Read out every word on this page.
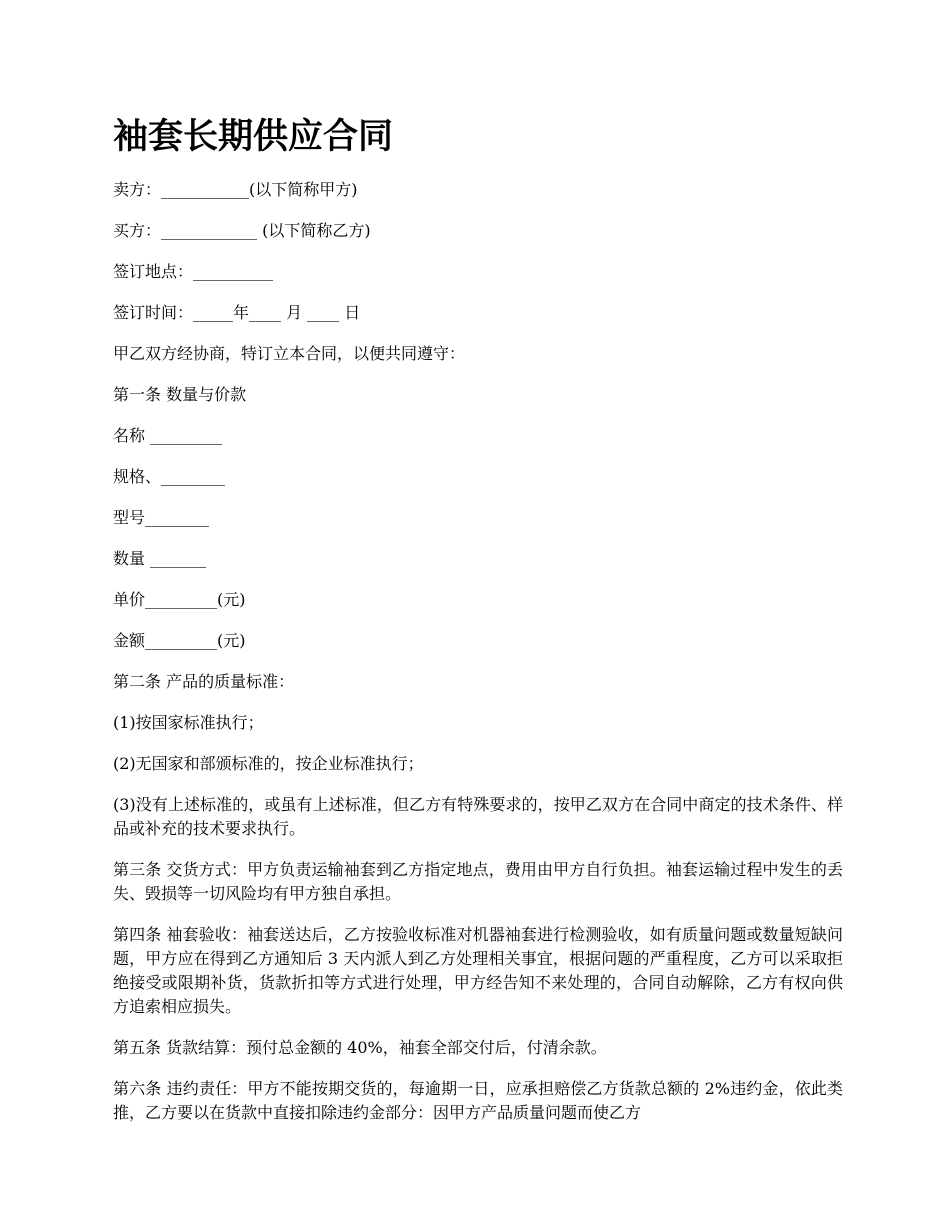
袖套长期供应合同

卖方：___________(以下简称甲方)

买方：____________ (以下简称乙方)

签订地点：__________

签订时间：_____年____ 月 ____ 日

甲乙双方经协商，特订立本合同，以便共同遵守：

第一条 数量与价款

名称 _________

规格、________

型号________

数量 _______

单价_________(元)

金额_________(元)

第二条 产品的质量标准：

(1)按国家标准执行；

(2)无国家和部颁标准的，按企业标准执行；

(3)没有上述标准的，或虽有上述标准，但乙方有特殊要求的，按甲乙双方在合同中商定的技术条件、样品或补充的技术要求执行。

第三条 交货方式：甲方负责运输袖套到乙方指定地点，费用由甲方自行负担。袖套运输过程中发生的丢失、毁损等一切风险均有甲方独自承担。

第四条 袖套验收：袖套送达后，乙方按验收标准对机器袖套进行检测验收，如有质量问题或数量短缺问题，甲方应在得到乙方通知后 3 天内派人到乙方处理相关事宜，根据问题的严重程度，乙方可以采取拒绝接受或限期补货，货款折扣等方式进行处理，甲方经告知不来处理的，合同自动解除，乙方有权向供方追索相应损失。

第五条 货款结算：预付总金额的 40%，袖套全部交付后，付清余款。

第六条 违约责任：甲方不能按期交货的，每逾期一日，应承担赔偿乙方货款总额的 2%违约金，依此类推，乙方要以在货款中直接扣除违约金部分：因甲方产品质量问题而使乙方
